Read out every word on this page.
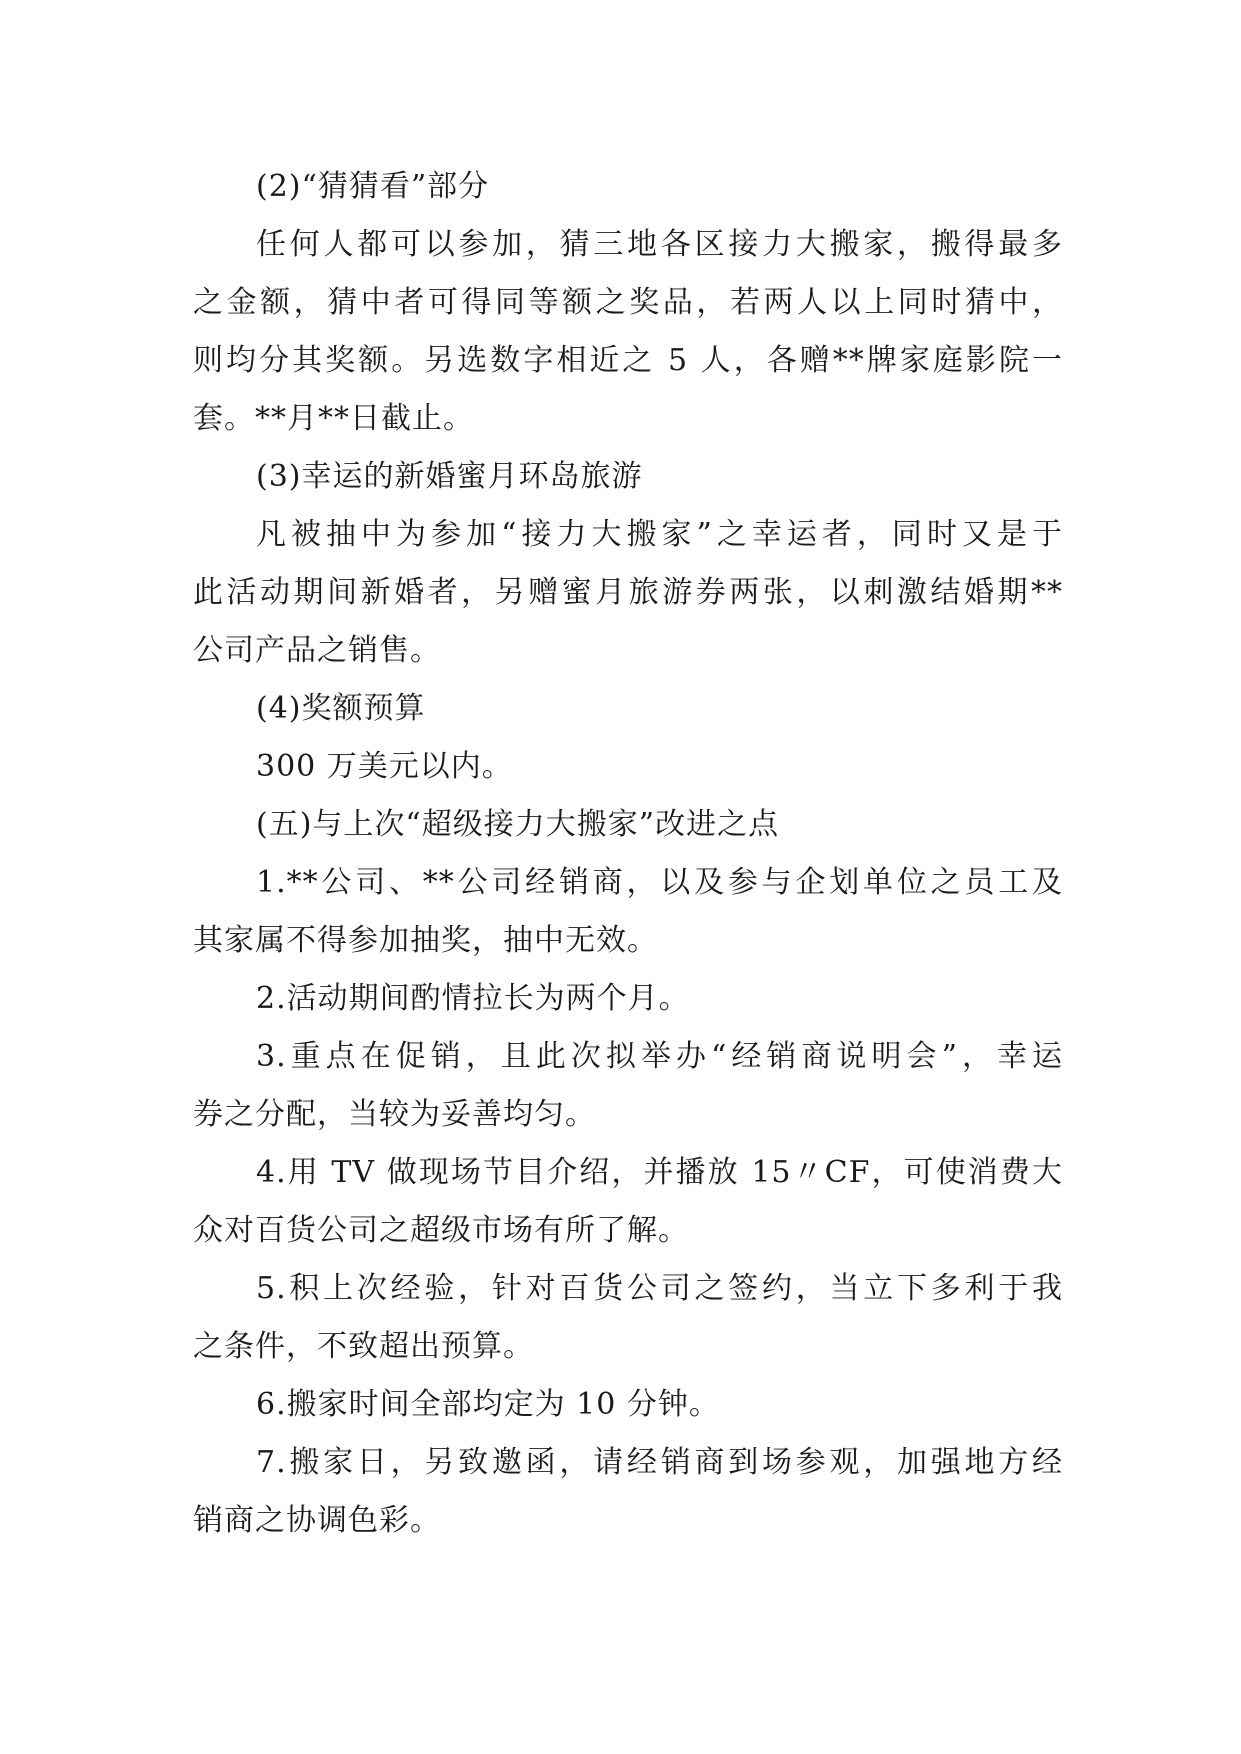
(2)“猜猜看”部分
任何人都可以参加，猜三地各区接力大搬家，搬得最多
之金额，猜中者可得同等额之奖品，若两人以上同时猜中，
则均分其奖额。另选数字相近之 5 人，各赠**牌家庭影院一
套。**月**日截止。
(3)幸运的新婚蜜月环岛旅游
凡被抽中为参加“接力大搬家”之幸运者，同时又是于
此活动期间新婚者，另赠蜜月旅游券两张，以刺激结婚期**
公司产品之销售。
(4)奖额预算
300 万美元以内。
(五)与上次“超级接力大搬家”改进之点
1.**公司、**公司经销商，以及参与企划单位之员工及
其家属不得参加抽奖，抽中无效。
2.活动期间酌情拉长为两个月。
3.重点在促销，且此次拟举办“经销商说明会”，幸运
券之分配，当较为妥善均匀。
4.用 TV 做现场节目介绍，并播放 15〃CF，可使消费大
众对百货公司之超级市场有所了解。
5.积上次经验，针对百货公司之签约，当立下多利于我
之条件，不致超出预算。
6.搬家时间全部均定为 10 分钟。
7.搬家日，另致邀函，请经销商到场参观，加强地方经
销商之协调色彩。
